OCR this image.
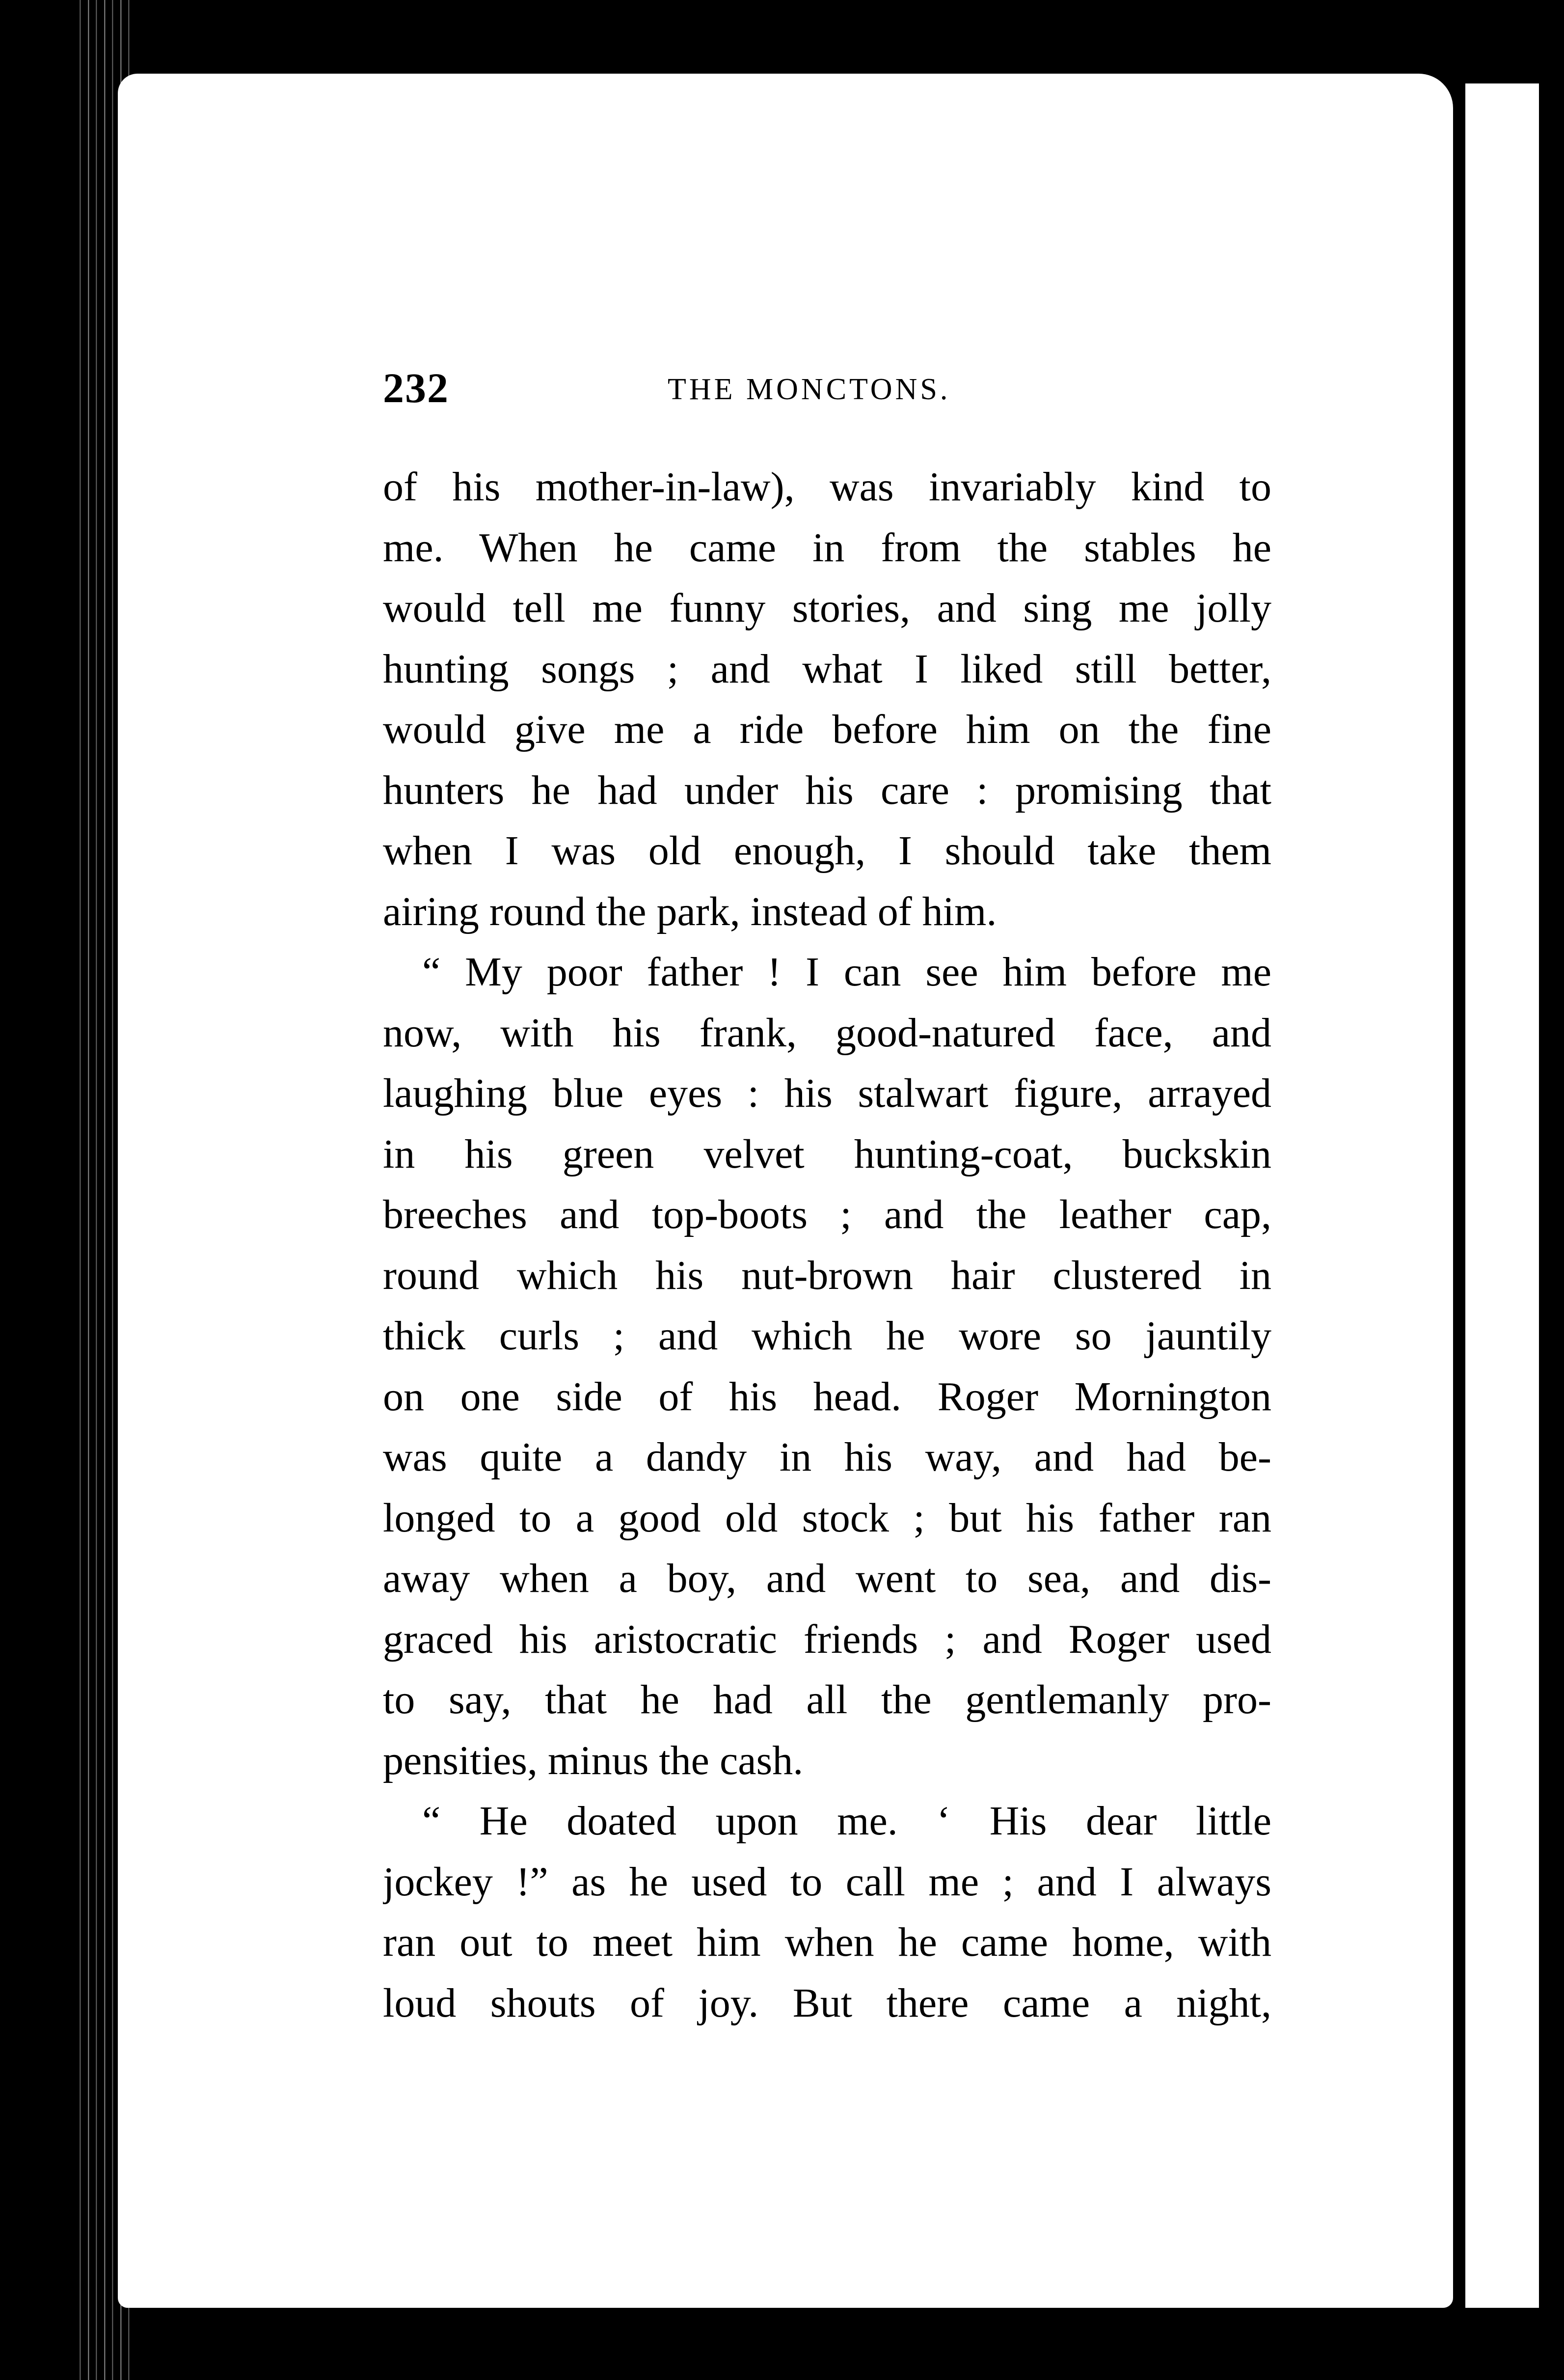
232	THE MONCTONS.
of his mother-in-law), was invariably kind to
me. When he came in from the stables he
would tell me funny stories, and sing me jolly
hunting songs ; and what I liked still better,
would give me a ride before him on the fine
hunters he had under his care : promising that
when I was old enough, I should take them
airing round the park, instead of him.
“ My poor father ! I can see him before me
now, with his frank, good-natured face, and
laughing blue eyes : his stalwart figure, arrayed
in his green velvet hunting-coat, buckskin
breeches and top-boots ; and the leather cap,
round which his nut-brown hair clustered in
thick curls ; and which he wore so jauntily
on one side of his head. Roger Mornington
was quite a dandy in his way, and had be-
longed to a good old stock ; but his father ran
away when a boy, and went to sea, and dis-
graced his aristocratic friends ; and Roger used
to say, that he had all the gentlemanly pro-
pensities, minus the cash.
“ He doated upon me. ‘ His dear little
jockey !” as he used to call me ; and I always
ran out to meet him when he came home, with
loud shouts of joy. But there came a night,
